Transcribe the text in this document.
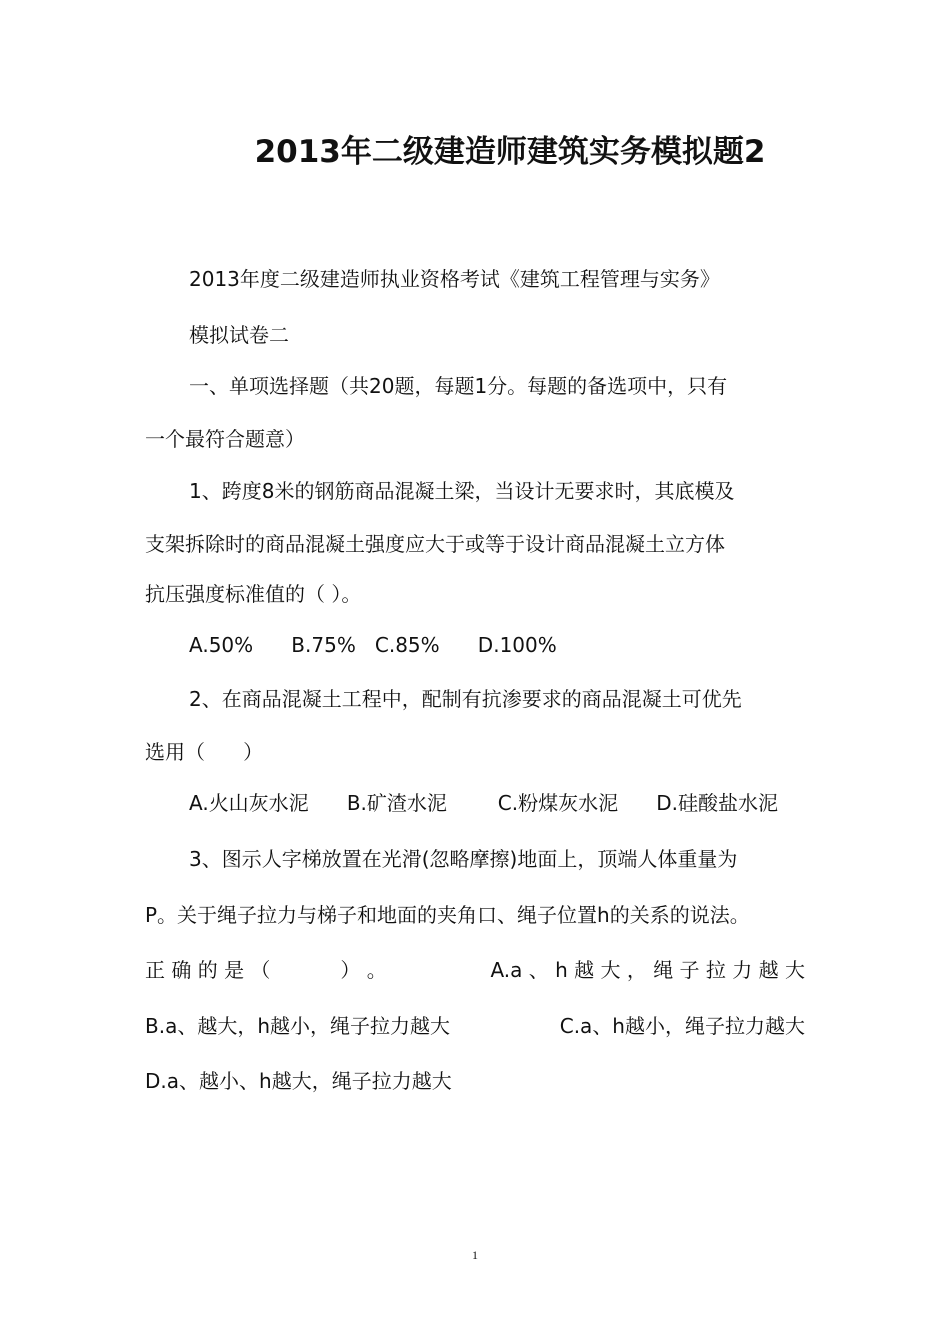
2013年二级建造师建筑实务模拟题2
2013年度二级建造师执业资格考试《建筑工程管理与实务》
模拟试卷二
一、单项选择题（共20题，每题1分。每题的备选项中，只有
一个最符合题意）
1、跨度8米的钢筋商品混凝土梁，当设计无要求时，其底模及
支架拆除时的商品混凝土强度应大于或等于设计商品混凝土立方体
抗压强度标准值的（ ）。
A.50%      B.75%   C.85%      D.100%
2、在商品混凝土工程中，配制有抗渗要求的商品混凝土可优先
选用（      ）
A.火山灰水泥      B.矿渣水泥        C.粉煤灰水泥      D.硅酸盐水泥
3、图示人字梯放置在光滑(忽略摩擦)地面上，顶端人体重量为
P。关于绳子拉力与梯子和地面的夹角口、绳子位置h的关系的说法。
正 确 的 是 （           ） 。	A.a 、 h 越 大 ， 绳 子 拉 力 越 大
B.a、越大，h越小，绳子拉力越大	C.a、h越小，绳子拉力越大
D.a、越小、h越大，绳子拉力越大
1
